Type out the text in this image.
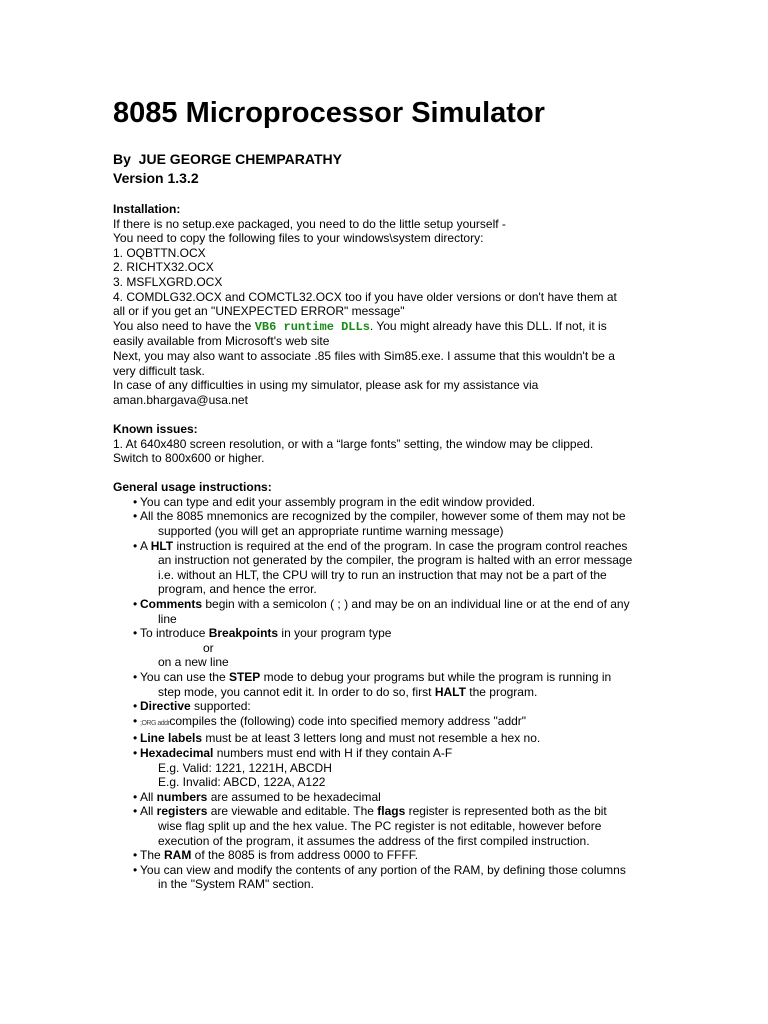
8085 Microprocessor Simulator
By  JUE GEORGE CHEMPARATHY
Version 1.3.2
Installation:
If there is no setup.exe packaged, you need to do the little setup yourself -
You need to copy the following files to your windows\system directory:
1. OQBTTN.OCX
2. RICHTX32.OCX
3. MSFLXGRD.OCX
4. COMDLG32.OCX and COMCTL32.OCX too if you have older versions or don't have them at
all or if you get an "UNEXPECTED ERROR" message"
You also need to have the VB6 runtime DLLs. You might already have this DLL. If not, it is
easily available from Microsoft's web site
Next, you may also want to associate .85 files with Sim85.exe. I assume that this wouldn't be a
very difficult task.
In case of any difficulties in using my simulator, please ask for my assistance via
aman.bhargava@usa.net
Known issues:
1. At 640x480 screen resolution, or with a “large fonts” setting, the window may be clipped.
Switch to 800x600 or higher.
General usage instructions:
• You can type and edit your assembly program in the edit window provided.
• All the 8085 mnemonics are recognized by the compiler, however some of them may not be
supported (you will get an appropriate runtime warning message)
• A HLT instruction is required at the end of the program. In case the program control reaches
an instruction not generated by the compiler, the program is halted with an error message
i.e. without an HLT, the CPU will try to run an instruction that may not be a part of the
program, and hence the error.
• Comments begin with a semicolon ( ; ) and may be on an individual line or at the end of any
line
• To introduce Breakpoints in your program type
or
on a new line
• You can use the STEP mode to debug your programs but while the program is running in
step mode, you cannot edit it. In order to do so, first HALT the program.
• Directive supported:
• ;ORG addrcompiles the (following) code into specified memory address "addr"
• Line labels must be at least 3 letters long and must not resemble a hex no.
• Hexadecimal numbers must end with H if they contain A-F
E.g. Valid: 1221, 1221H, ABCDH
E.g. Invalid: ABCD, 122A, A122
• All numbers are assumed to be hexadecimal
• All registers are viewable and editable. The flags register is represented both as the bit
wise flag split up and the hex value. The PC register is not editable, however before
execution of the program, it assumes the address of the first compiled instruction.
• The RAM of the 8085 is from address 0000 to FFFF.
• You can view and modify the contents of any portion of the RAM, by defining those columns
in the "System RAM" section.
